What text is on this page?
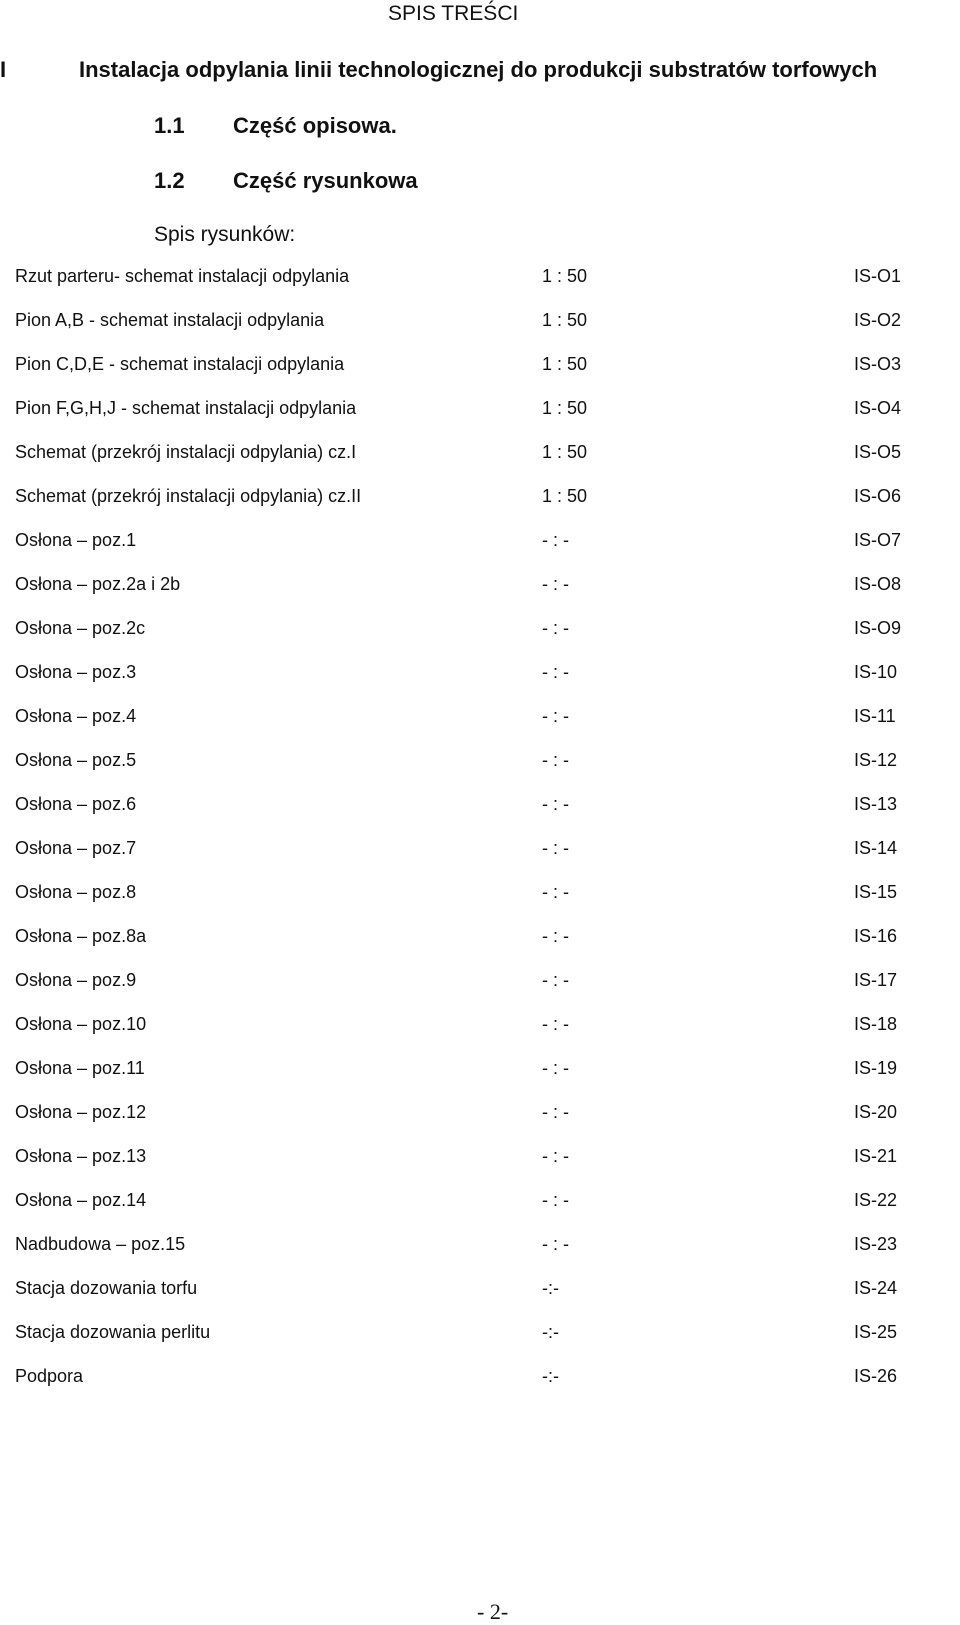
SPIS TREŚCI
I	Instalacja odpylania linii technologicznej do produkcji substratów torfowych
1.1 Część opisowa.
1.2 Część rysunkowa
Spis rysunków:
Rzut parteru- schemat instalacji odpylania	1 : 50	IS-O1
Pion A,B - schemat instalacji odpylania	1 : 50	IS-O2
Pion C,D,E - schemat instalacji odpylania	1 : 50	IS-O3
Pion F,G,H,J - schemat instalacji odpylania	1 : 50	IS-O4
Schemat (przekrój instalacji odpylania) cz.I	1 : 50	IS-O5
Schemat (przekrój instalacji odpylania) cz.II	1 : 50	IS-O6
Osłona – poz.1	- : -	IS-O7
Osłona – poz.2a i 2b	- : -	IS-O8
Osłona – poz.2c	- : -	IS-O9
Osłona – poz.3	- : -	IS-10
Osłona – poz.4	- : -	IS-11
Osłona – poz.5	- : -	IS-12
Osłona – poz.6	- : -	IS-13
Osłona – poz.7	- : -	IS-14
Osłona – poz.8	- : -	IS-15
Osłona – poz.8a	- : -	IS-16
Osłona – poz.9	- : -	IS-17
Osłona – poz.10	- : -	IS-18
Osłona – poz.11	- : -	IS-19
Osłona – poz.12	- : -	IS-20
Osłona – poz.13	- : -	IS-21
Osłona – poz.14	- : -	IS-22
Nadbudowa – poz.15	- : -	IS-23
Stacja dozowania torfu	-:-	IS-24
Stacja dozowania perlitu	-:-	IS-25
Podpora	-:-	IS-26
- 2-
